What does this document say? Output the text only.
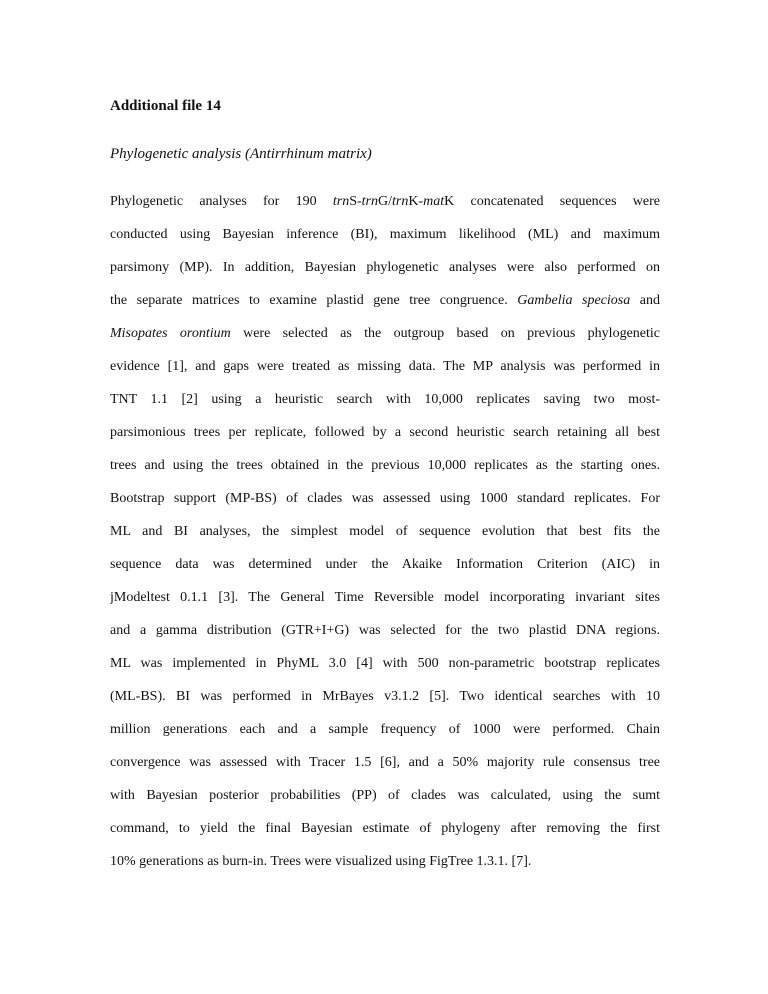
Additional file 14
Phylogenetic analysis (Antirrhinum matrix)
Phylogenetic analyses for 190 trnS-trnG/trnK-matK concatenated sequences were
conducted using Bayesian inference (BI), maximum likelihood (ML) and maximum
parsimony (MP). In addition, Bayesian phylogenetic analyses were also performed on
the separate matrices to examine plastid gene tree congruence. Gambelia speciosa and
Misopates orontium were selected as the outgroup based on previous phylogenetic
evidence [1], and gaps were treated as missing data. The MP analysis was performed in
TNT 1.1 [2] using a heuristic search with 10,000 replicates saving two most-
parsimonious trees per replicate, followed by a second heuristic search retaining all best
trees and using the trees obtained in the previous 10,000 replicates as the starting ones.
Bootstrap support (MP-BS) of clades was assessed using 1000 standard replicates. For
ML and BI analyses, the simplest model of sequence evolution that best fits the
sequence data was determined under the Akaike Information Criterion (AIC) in
jModeltest 0.1.1 [3]. The General Time Reversible model incorporating invariant sites
and a gamma distribution (GTR+I+G) was selected for the two plastid DNA regions.
ML was implemented in PhyML 3.0 [4] with 500 non-parametric bootstrap replicates
(ML-BS). BI was performed in MrBayes v3.1.2 [5]. Two identical searches with 10
million generations each and a sample frequency of 1000 were performed. Chain
convergence was assessed with Tracer 1.5 [6], and a 50% majority rule consensus tree
with Bayesian posterior probabilities (PP) of clades was calculated, using the sumt
command, to yield the final Bayesian estimate of phylogeny after removing the first
10% generations as burn-in. Trees were visualized using FigTree 1.3.1. [7].
